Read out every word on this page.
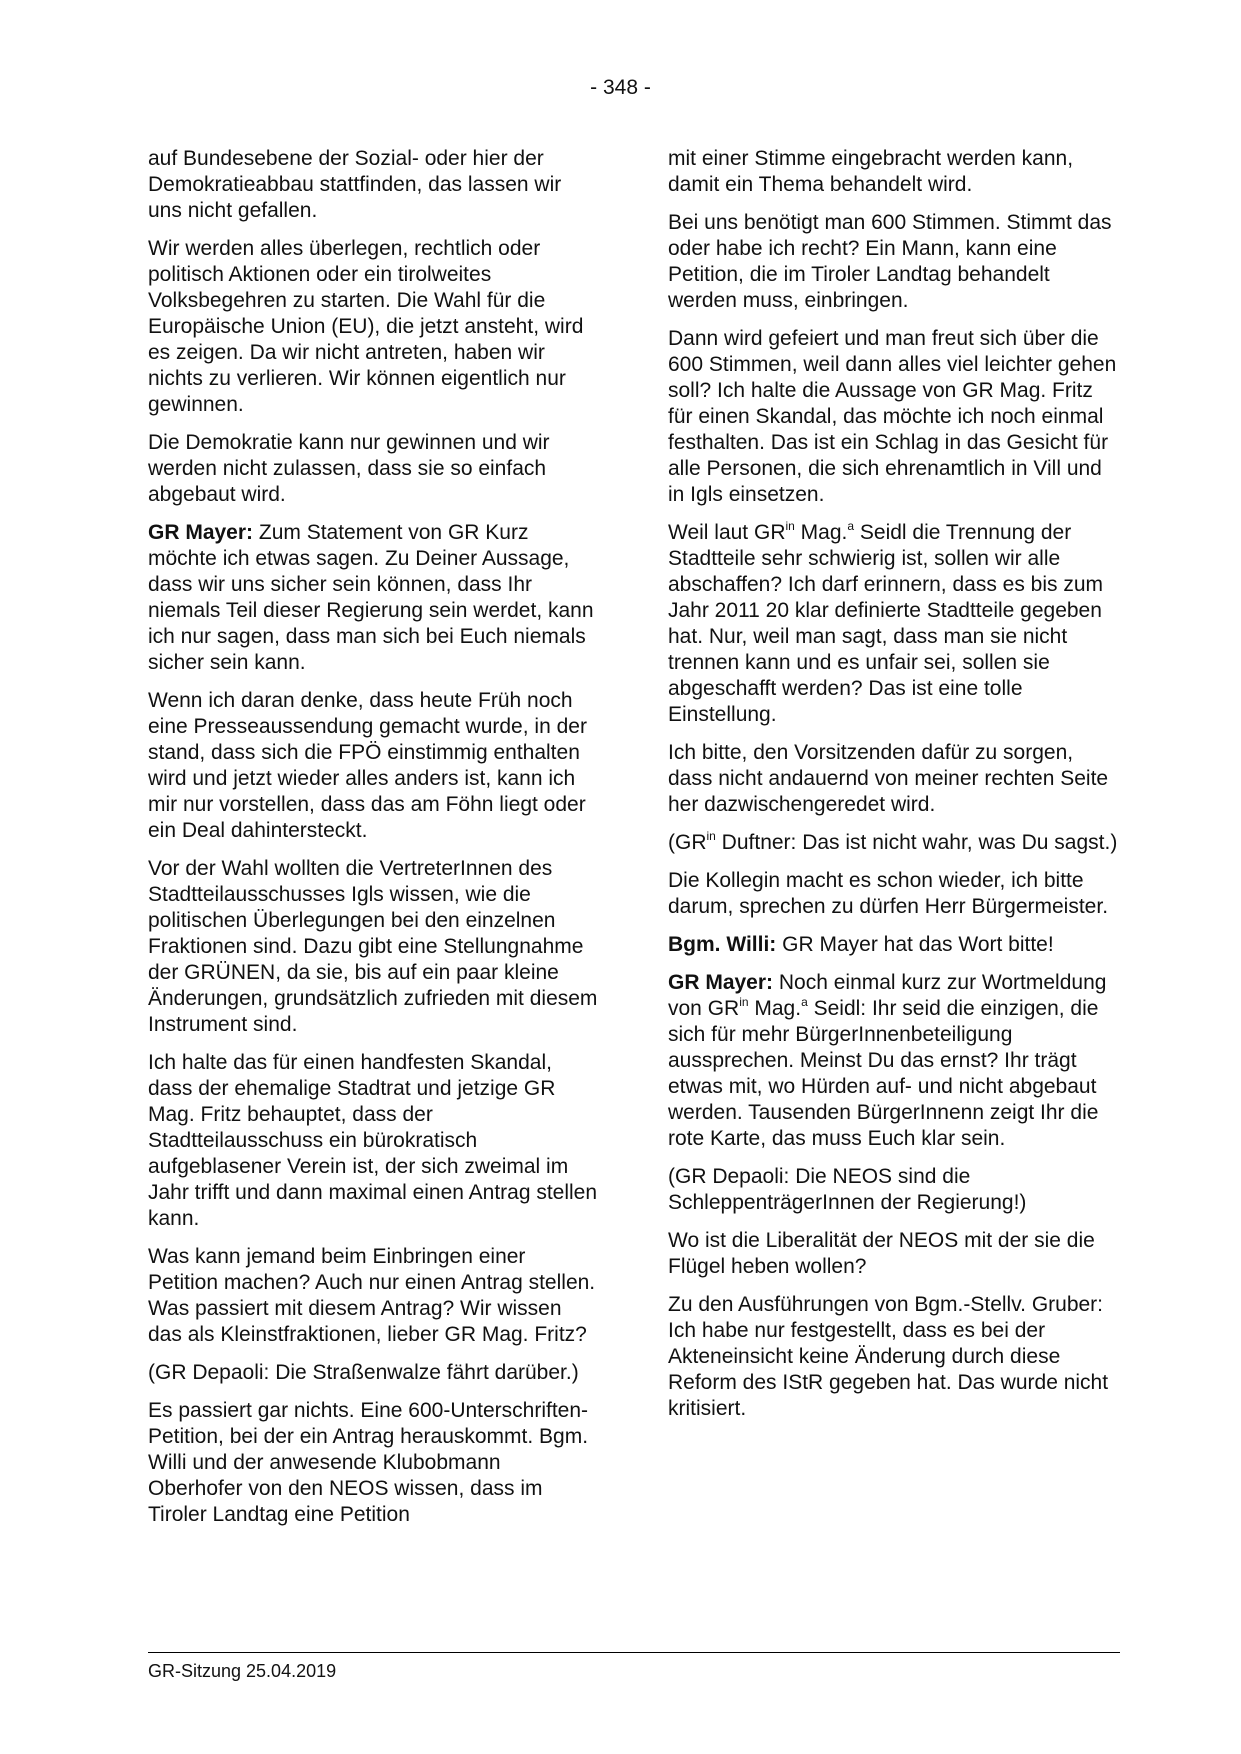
- 348 -

auf Bundesebene der Sozial- oder hier der Demokratieabbau stattfinden, das lassen wir uns nicht gefallen.

Wir werden alles überlegen, rechtlich oder politisch Aktionen oder ein tirolweites Volksbegehren zu starten. Die Wahl für die Europäische Union (EU), die jetzt ansteht, wird es zeigen. Da wir nicht antreten, haben wir nichts zu verlieren. Wir können eigentlich nur gewinnen.

Die Demokratie kann nur gewinnen und wir werden nicht zulassen, dass sie so einfach abgebaut wird.

GR Mayer: Zum Statement von GR Kurz möchte ich etwas sagen. Zu Deiner Aussage, dass wir uns sicher sein können, dass Ihr niemals Teil dieser Regierung sein werdet, kann ich nur sagen, dass man sich bei Euch niemals sicher sein kann.

Wenn ich daran denke, dass heute Früh noch eine Presseaussendung gemacht wurde, in der stand, dass sich die FPÖ einstimmig enthalten wird und jetzt wieder alles anders ist, kann ich mir nur vorstellen, dass das am Föhn liegt oder ein Deal dahintersteckt.

Vor der Wahl wollten die VertreterInnen des Stadtteilausschusses Igls wissen, wie die politischen Überlegungen bei den einzelnen Fraktionen sind. Dazu gibt eine Stellungnahme der GRÜNEN, da sie, bis auf ein paar kleine Änderungen, grundsätzlich zufrieden mit diesem Instrument sind.

Ich halte das für einen handfesten Skandal, dass der ehemalige Stadtrat und jetzige GR Mag. Fritz behauptet, dass der Stadtteilausschuss ein bürokratisch aufgeblasener Verein ist, der sich zweimal im Jahr trifft und dann maximal einen Antrag stellen kann.

Was kann jemand beim Einbringen einer Petition machen? Auch nur einen Antrag stellen. Was passiert mit diesem Antrag? Wir wissen das als Kleinstfraktionen, lieber GR Mag. Fritz?

(GR Depaoli: Die Straßenwalze fährt darüber.)

Es passiert gar nichts. Eine 600-Unterschriften-Petition, bei der ein Antrag herauskommt. Bgm. Willi und der anwesende Klubobmann Oberhofer von den NEOS wissen, dass im Tiroler Landtag eine Petition

mit einer Stimme eingebracht werden kann, damit ein Thema behandelt wird.

Bei uns benötigt man 600 Stimmen. Stimmt das oder habe ich recht? Ein Mann, kann eine Petition, die im Tiroler Landtag behandelt werden muss, einbringen.

Dann wird gefeiert und man freut sich über die 600 Stimmen, weil dann alles viel leichter gehen soll? Ich halte die Aussage von GR Mag. Fritz für einen Skandal, das möchte ich noch einmal festhalten. Das ist ein Schlag in das Gesicht für alle Personen, die sich ehrenamtlich in Vill und in Igls einsetzen.

Weil laut $GR^{in}$ Mag.$^a$ Seidl die Trennung der Stadtteile sehr schwierig ist, sollen wir alle abschaffen? Ich darf erinnern, dass es bis zum Jahr 2011 20 klar definierte Stadtteile gegeben hat. Nur, weil man sagt, dass man sie nicht trennen kann und es unfair sei, sollen sie abgeschafft werden? Das ist eine tolle Einstellung.

Ich bitte, den Vorsitzenden dafür zu sorgen, dass nicht andauernd von meiner rechten Seite her dazwischengeredet wird.

($GR^{in}$ Duftner: Das ist nicht wahr, was Du sagst.)

Die Kollegin macht es schon wieder, ich bitte darum, sprechen zu dürfen Herr Bürgermeister.

Bgm. Willi: GR Mayer hat das Wort bitte!

GR Mayer: Noch einmal kurz zur Wortmeldung von $GR^{in}$ Mag.$^a$ Seidl: Ihr seid die einzigen, die sich für mehr BürgerInnenbeteiligung aussprechen. Meinst Du das ernst? Ihr trägt etwas mit, wo Hürden auf- und nicht abgebaut werden. Tausenden BürgerInnenn zeigt Ihr die rote Karte, das muss Euch klar sein.

(GR Depaoli: Die NEOS sind die SchleppenträgerInnen der Regierung!)

Wo ist die Liberalität der NEOS mit der sie die Flügel heben wollen?

Zu den Ausführungen von Bgm.-Stellv. Gruber: Ich habe nur festgestellt, dass es bei der Akteneinsicht keine Änderung durch diese Reform des IStR gegeben hat. Das wurde nicht kritisiert.

GR-Sitzung 25.04.2019
